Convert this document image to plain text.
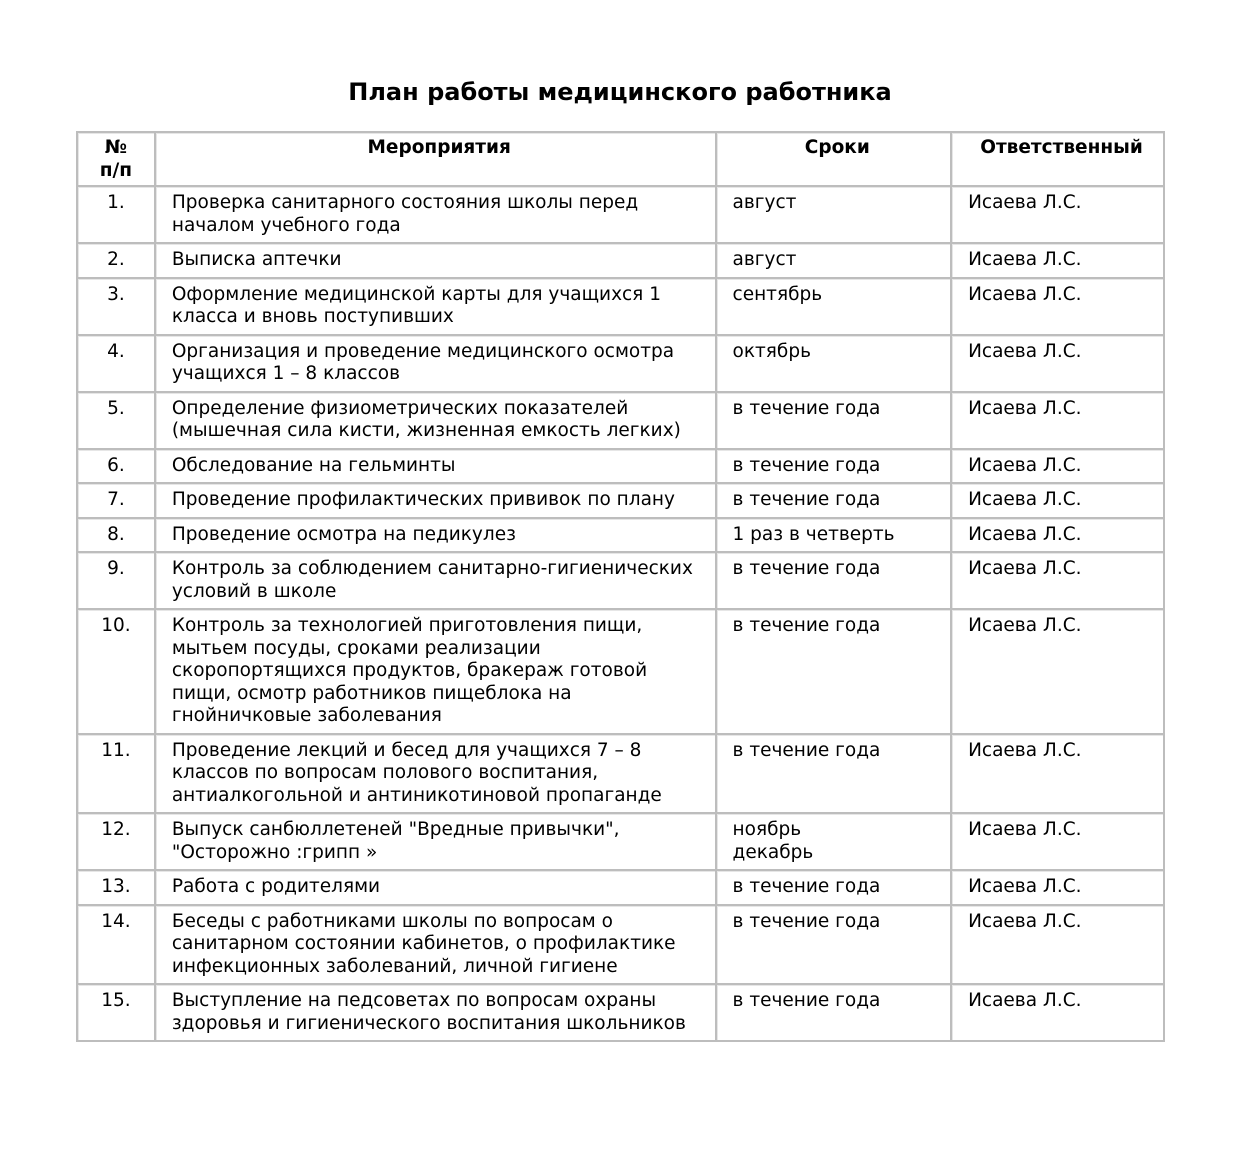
План работы медицинского работника
№
п/п	Мероприятия	Сроки	Ответственный
1.	Проверка санитарного состояния школы перед
началом учебного года	август	Исаева Л.С.
2.	Выписка аптечки	август	Исаева Л.С.
3.	Оформление медицинской карты для учащихся 1
класса и вновь поступивших	сентябрь	Исаева Л.С.
4.	Организация и проведение медицинского осмотра
учащихся 1 – 8 классов	октябрь	Исаева Л.С.
5.	Определение физиометрических показателей
(мышечная сила кисти, жизненная емкость легких)	в течение года	Исаева Л.С.
6.	Обследование на гельминты	в течение года	Исаева Л.С.
7.	Проведение профилактических прививок по плану	в течение года	Исаева Л.С.
8.	Проведение осмотра на педикулез	1 раз в четверть	Исаева Л.С.
9.	Контроль за соблюдением санитарно-гигиенических
условий в школе	в течение года	Исаева Л.С.
10.	Контроль за технологией приготовления пищи,
мытьем посуды, сроками реализации
скоропортящихся продуктов, бракераж готовой
пищи, осмотр работников пищеблока на
гнойничковые заболевания	в течение года	Исаева Л.С.
11.	Проведение лекций и бесед для учащихся 7 – 8
классов по вопросам полового воспитания,
антиалкогольной и антиникотиновой пропаганде	в течение года	Исаева Л.С.
12.	Выпуск санбюллетеней "Вредные привычки",
"Осторожно :грипп »	ноябрь
декабрь	Исаева Л.С.
13.	Работа с родителями	в течение года	Исаева Л.С.
14.	Беседы с работниками школы по вопросам о
санитарном состоянии кабинетов, о профилактике
инфекционных заболеваний, личной гигиене	в течение года	Исаева Л.С.
15.	Выступление на педсоветах по вопросам охраны
здоровья и гигиенического воспитания школьников	в течение года	Исаева Л.С.
